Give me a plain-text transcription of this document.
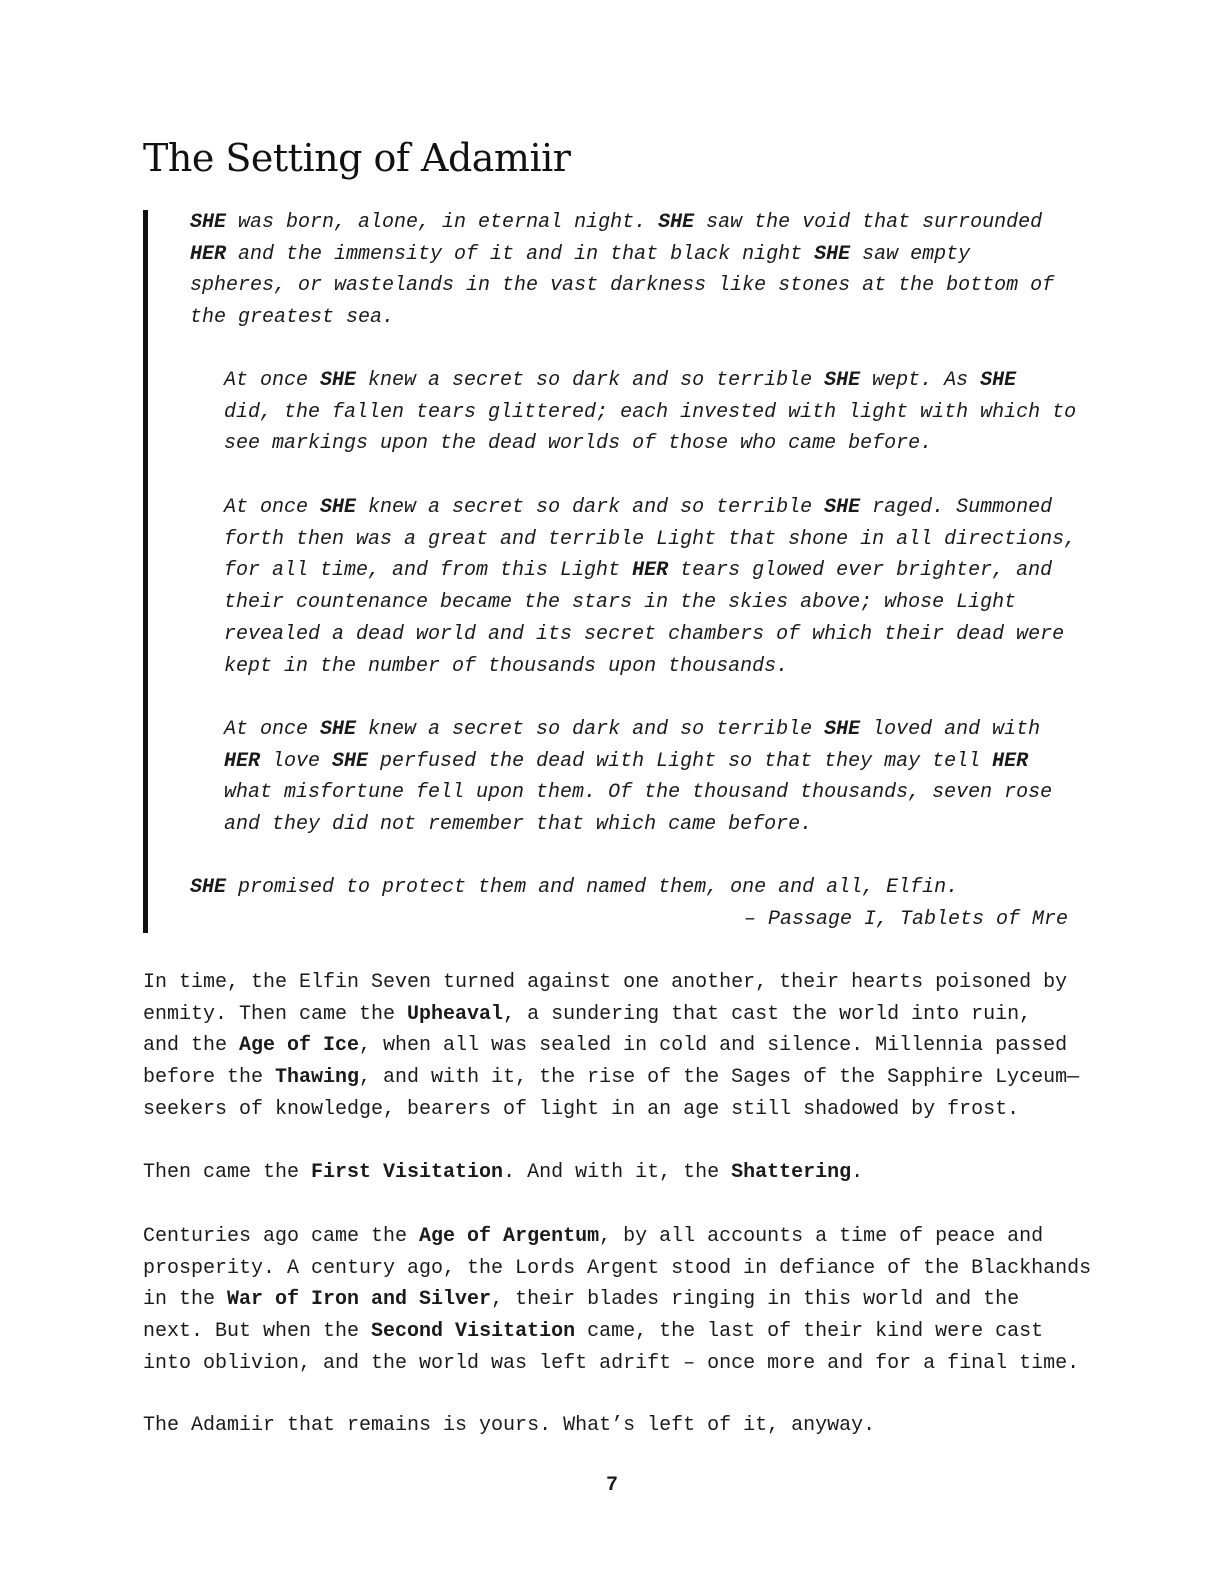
The Setting of Adamiir
SHE was born, alone, in eternal night. SHE saw the void that surrounded
HER and the immensity of it and in that black night SHE saw empty
spheres, or wastelands in the vast darkness like stones at the bottom of
the greatest sea.
At once SHE knew a secret so dark and so terrible SHE wept. As SHE
did, the fallen tears glittered; each invested with light with which to
see markings upon the dead worlds of those who came before.
At once SHE knew a secret so dark and so terrible SHE raged. Summoned
forth then was a great and terrible Light that shone in all directions,
for all time, and from this Light HER tears glowed ever brighter, and
their countenance became the stars in the skies above; whose Light
revealed a dead world and its secret chambers of which their dead were
kept in the number of thousands upon thousands.
At once SHE knew a secret so dark and so terrible SHE loved and with
HER love SHE perfused the dead with Light so that they may tell HER
what misfortune fell upon them. Of the thousand thousands, seven rose
and they did not remember that which came before.
SHE promised to protect them and named them, one and all, Elfin.
– Passage I, Tablets of Mre
In time, the Elfin Seven turned against one another, their hearts poisoned by
enmity. Then came the Upheaval, a sundering that cast the world into ruin,
and the Age of Ice, when all was sealed in cold and silence. Millennia passed
before the Thawing, and with it, the rise of the Sages of the Sapphire Lyceum—
seekers of knowledge, bearers of light in an age still shadowed by frost.
Then came the First Visitation. And with it, the Shattering.
Centuries ago came the Age of Argentum, by all accounts a time of peace and
prosperity. A century ago, the Lords Argent stood in defiance of the Blackhands
in the War of Iron and Silver, their blades ringing in this world and the
next. But when the Second Visitation came, the last of their kind were cast
into oblivion, and the world was left adrift – once more and for a final time.
The Adamiir that remains is yours. What’s left of it, anyway.
7
